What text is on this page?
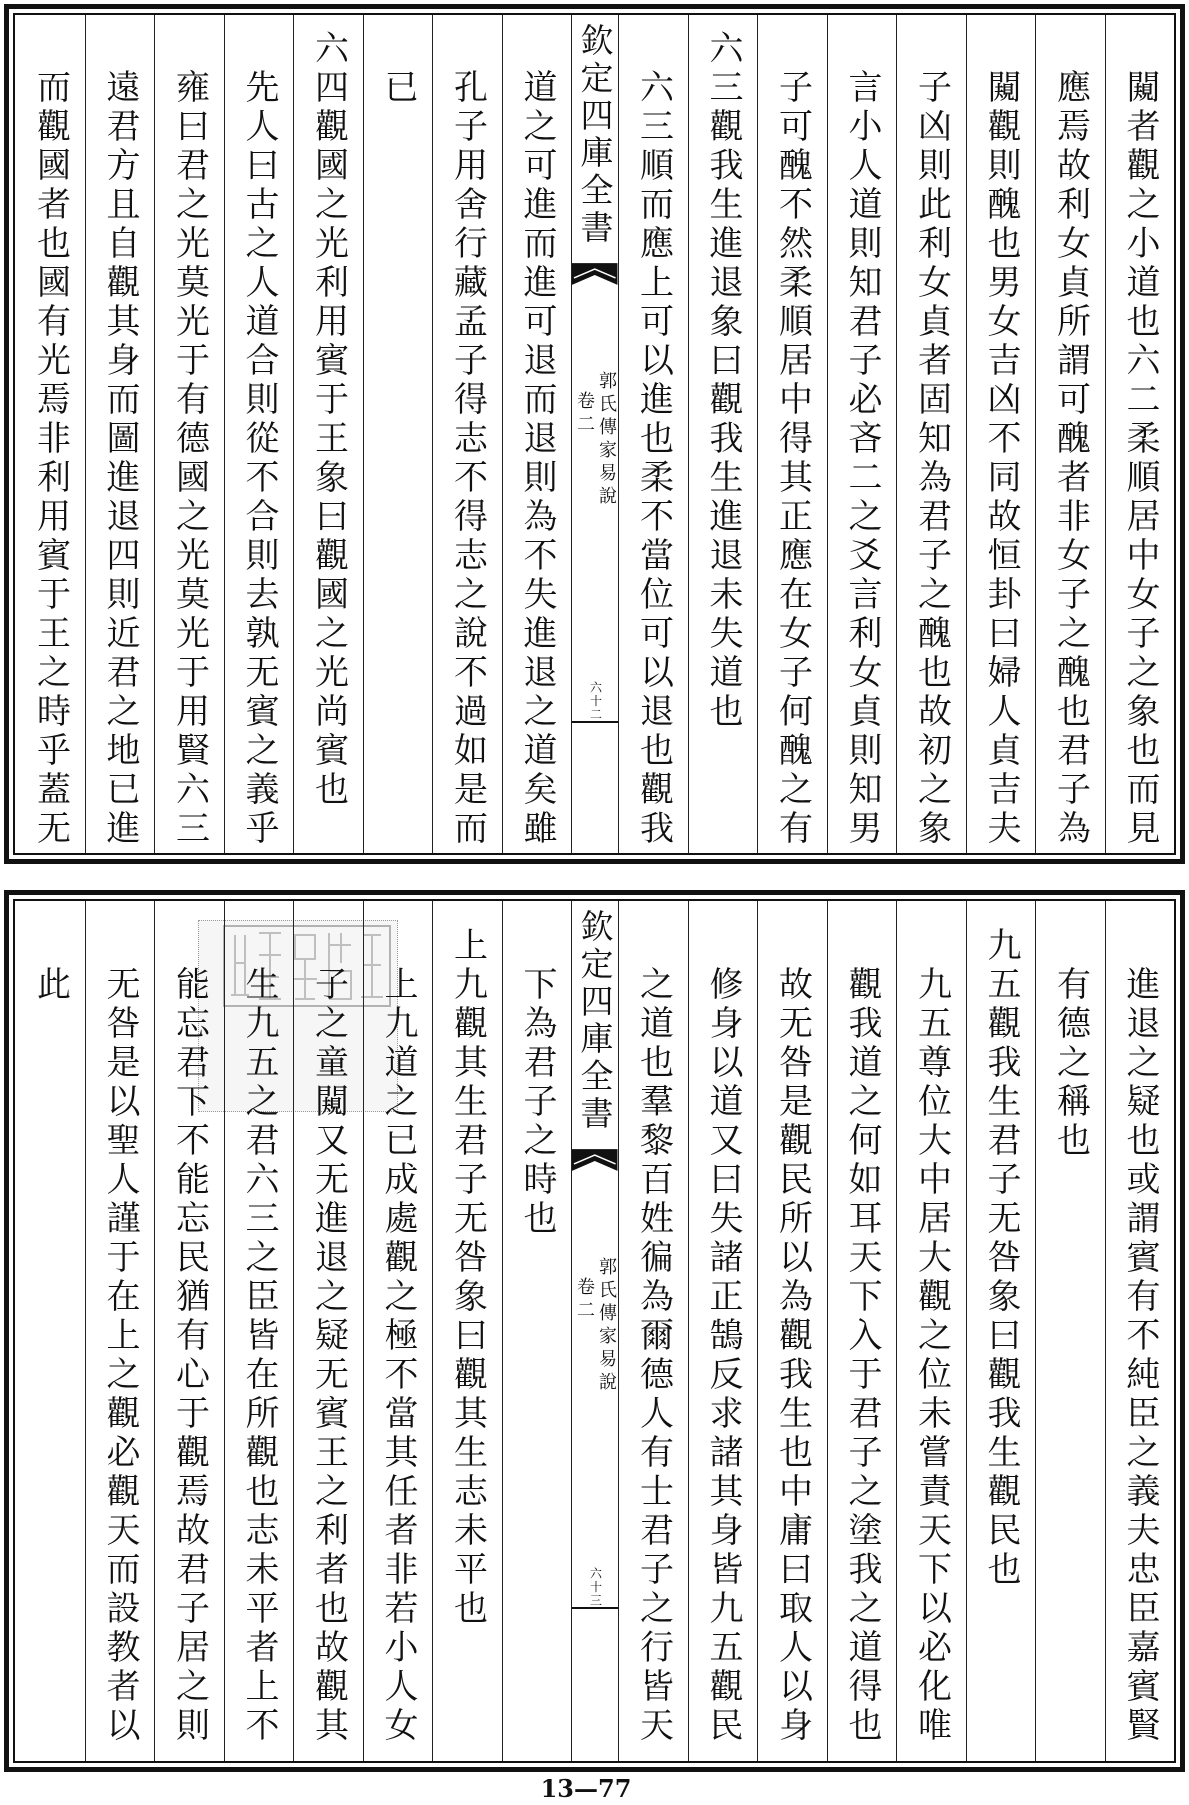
闚者觀之小道也六二柔順居中女子之象也而見
應焉故利女貞所謂可醜者非女子之醜也君子為
闚觀則醜也男女吉凶不同故恒卦曰婦人貞吉夫
子凶則此利女貞者固知為君子之醜也故初之象
言小人道則知君子必吝二之爻言利女貞則知男
子可醜不然柔順居中得其正應在女子何醜之有
六三觀我生進退象曰觀我生進退未失道也
六三順而應上可以進也柔不當位可以退也觀我
欽定四庫全書
郭氏傳家易說
卷二
六十二
道之可進而進可退而退則為不失進退之道矣雖
孔子用舍行藏孟子得志不得志之說不過如是而
已
六四觀國之光利用賓于王象曰觀國之光尚賓也
先人曰古之人道合則從不合則去孰无賓之義乎
雍曰君之光莫光于有德國之光莫光于用賢六三
遠君方且自觀其身而圖進退四則近君之地已進
而觀國者也國有光焉非利用賓于王之時乎蓋无
進退之疑也或謂賓有不純臣之義夫忠臣嘉賓賢
有德之稱也
九五觀我生君子无咎象曰觀我生觀民也
九五尊位大中居大觀之位未嘗責天下以必化唯
觀我道之何如耳天下入于君子之塗我之道得也
故无咎是觀民所以為觀我生也中庸曰取人以身
修身以道又曰失諸正鵠反求諸其身皆九五觀民
之道也羣黎百姓徧為爾德人有士君子之行皆天
欽定四庫全書
郭氏傳家易說
卷二
六十三
下為君子之時也
上九觀其生君子无咎象曰觀其生志未平也
上九道之已成處觀之極不當其任者非若小人女
子之童闚又无進退之疑无賓王之利者也故觀其
生九五之君六三之臣皆在所觀也志未平者上不
能忘君下不能忘民猶有心于觀焉故君子居之則
无咎是以聖人謹于在上之觀必觀天而設教者以
此
13—77
